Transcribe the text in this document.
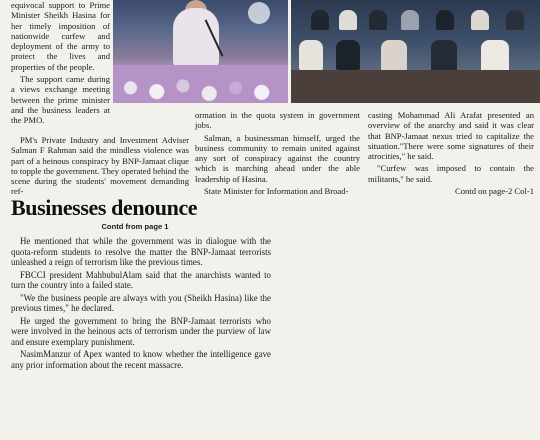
equivocal support to Prime Minister Sheikh Hasina for her timely imposition of nationwide curfew and deployment of the army to protect the lives and properties of the people.

The support came during a views exchange meeting between the prime minister and the business leaders at the PMO.

PM's Private Industry and Investment Adviser Salman F Rahman said the mindless violence was part of a heinous conspiracy by BNP-Jamaat clique to topple the government. They operated behind the scene during the students' movement demanding ref-

ormation in the quota system in government jobs.

Salman, a businessman himself, urged the business community to remain united against any sort of conspiracy against the country which is marching ahead under the able leadership of Hasina.

State Minister for Information and Broad-

casting Mohammad Ali Arafat presented an overview of the anarchy and said it was clear that BNP-Jamaat nexus tried to capitalize the situation."There were some signatures of their atrocities," he said.

"Curfew was imposed to contain the militants," he said.

Contd on page-2 Col-1

Businesses denounce
Contd from page 1

He mentioned that while the government was in dialogue with the quota-reform students to resolve the matter the BNP-Jamaat terrorists unleashed a reign of terrorism like the previous times.

FBCCI president MahbubulAlam said that the anarchists wanted to turn the country into a failed state.

"We the business people are always with you (Sheikh Hasina) like the previous times," he declared.

He urged the government to bring the BNP-Jamaat terrorists who were involved in the heinous acts of terrorism under the purview of law and ensure exemplary punishment.

NasimManzur of Apex wanted to know whether the intelligence gave any prior information about the recent massacre.
